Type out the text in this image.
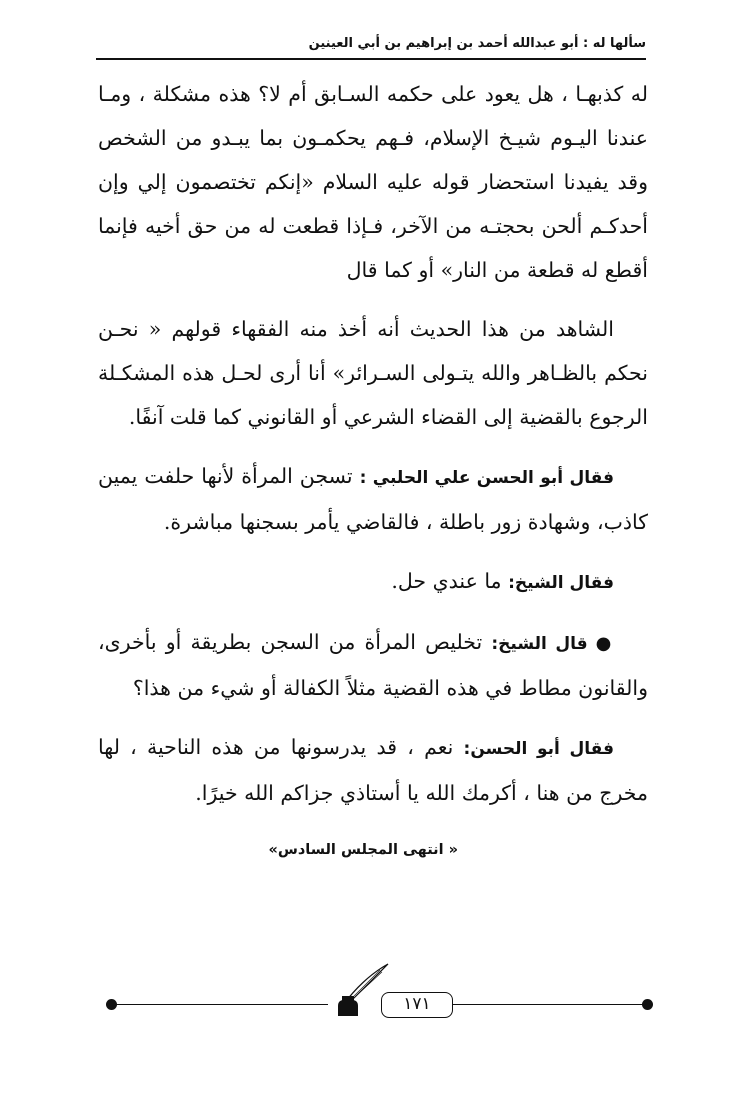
سألها له : أبو عبدالله أحمد بن إبراهيم بن أبي العينين

له كذبهـا ، هل يعود على حكمه السـابق أم لا؟ هذه مشكلة ، ومـا عندنا اليـوم شيـخ الإسلام، فـهم يحكمـون بما يبـدو من الشخص وقد يفيدنا استحضار قوله عليه السلام «إنكم تختصمون إلي وإن أحدكـم ألحن بحجتـه من الآخر، فـإذا قطعت له من حق أخيه فإنما أقطع له قطعة من النار» أو كما قال

الشاهد من هذا الحديث أنه أخذ منه الفقهاء قولهم « نحـن نحكم بالظـاهر والله يتـولى السـرائر» أنا أرى لحـل هذه المشكـلة الرجوع بالقضية إلى القضاء الشرعي أو القانوني كما قلت آنفًا.

فقال أبو الحسن علي الحلبي : تسجن المرأة لأنها حلفت يمين كاذب، وشهادة زور باطلة ، فالقاضي يأمر بسجنها مباشرة.

فقال الشيخ: ما عندي حل.

●قال الشيخ: تخليص المرأة من السجن بطريقة أو بأخرى، والقانون مطاط في هذه القضية مثلاً الكفالة أو شيء من هذا؟

فقال أبو الحسن: نعم ، قد يدرسونها من هذه الناحية ، لها مخرج من هنا ، أكرمك الله يا أستاذي جزاكم الله خيرًا.

« انتهى المجلس السادس»
١٧١
